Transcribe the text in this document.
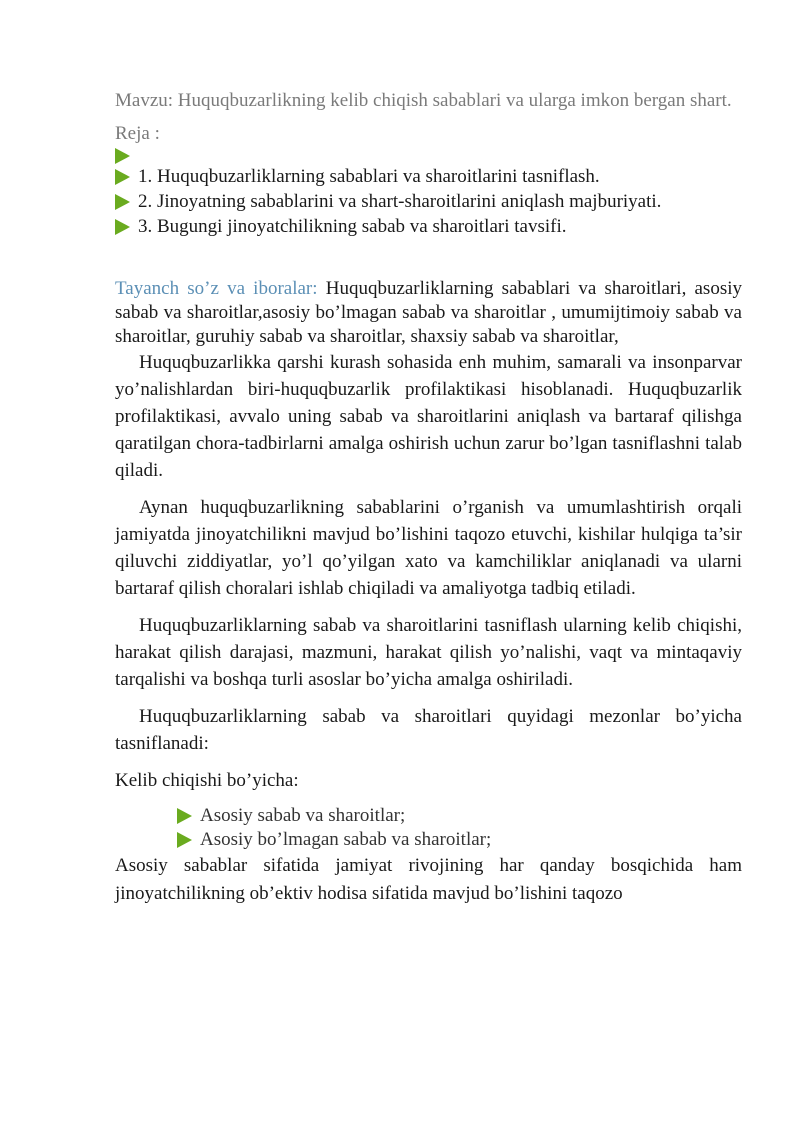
Mavzu: Huquqbuzarlikning kelib chiqish sabablari va ularga imkon bergan shart.

Reja :

1. Huquqbuzarliklarning sabablari va sharoitlarini tasniflash.
2. Jinoyatning sabablarini va shart-sharoitlarini aniqlash majburiyati.
3. Bugungi jinoyatchilikning sabab va sharoitlari tavsifi.

Tayanch so’z va iboralar: Huquqbuzarliklarning sabablari va sharoitlari, asosiy sabab va sharoitlar,asosiy bo’lmagan sabab va sharoitlar , umumijtimoiy sabab va sharoitlar, guruhiy sabab va sharoitlar, shaxsiy sabab va sharoitlar,

Huquqbuzarlikka qarshi kurash sohasida enh muhim, samarali va insonparvar yo’nalishlardan biri-huquqbuzarlik profilaktikasi hisoblanadi. Huquqbuzarlik profilaktikasi, avvalo uning sabab va sharoitlarini aniqlash va bartaraf qilishga qaratilgan chora-tadbirlarni amalga oshirish uchun zarur bo’lgan tasniflashni talab qiladi.

Aynan huquqbuzarlikning sabablarini o’rganish va umumlashtirish orqali jamiyatda jinoyatchilikni mavjud bo’lishini taqozo etuvchi, kishilar hulqiga ta’sir qiluvchi ziddiyatlar, yo’l qo’yilgan xato va kamchiliklar aniqlanadi va ularni bartaraf qilish choralari ishlab chiqiladi va amaliyotga tadbiq etiladi.

Huquqbuzarliklarning sabab va sharoitlarini tasniflash ularning kelib chiqishi, harakat qilish darajasi, mazmuni, harakat qilish yo’nalishi, vaqt va mintaqaviy tarqalishi va boshqa turli asoslar bo’yicha amalga oshiriladi.

Huquqbuzarliklarning sabab va sharoitlari quyidagi mezonlar bo’yicha tasniflanadi:

Kelib chiqishi bo’yicha:

Asosiy sabab va sharoitlar;
Asosiy bo’lmagan sabab va sharoitlar;

Asosiy sabablar sifatida jamiyat rivojining har qanday bosqichida ham jinoyatchilikning ob’ektiv hodisa sifatida mavjud bo’lishini taqozo
